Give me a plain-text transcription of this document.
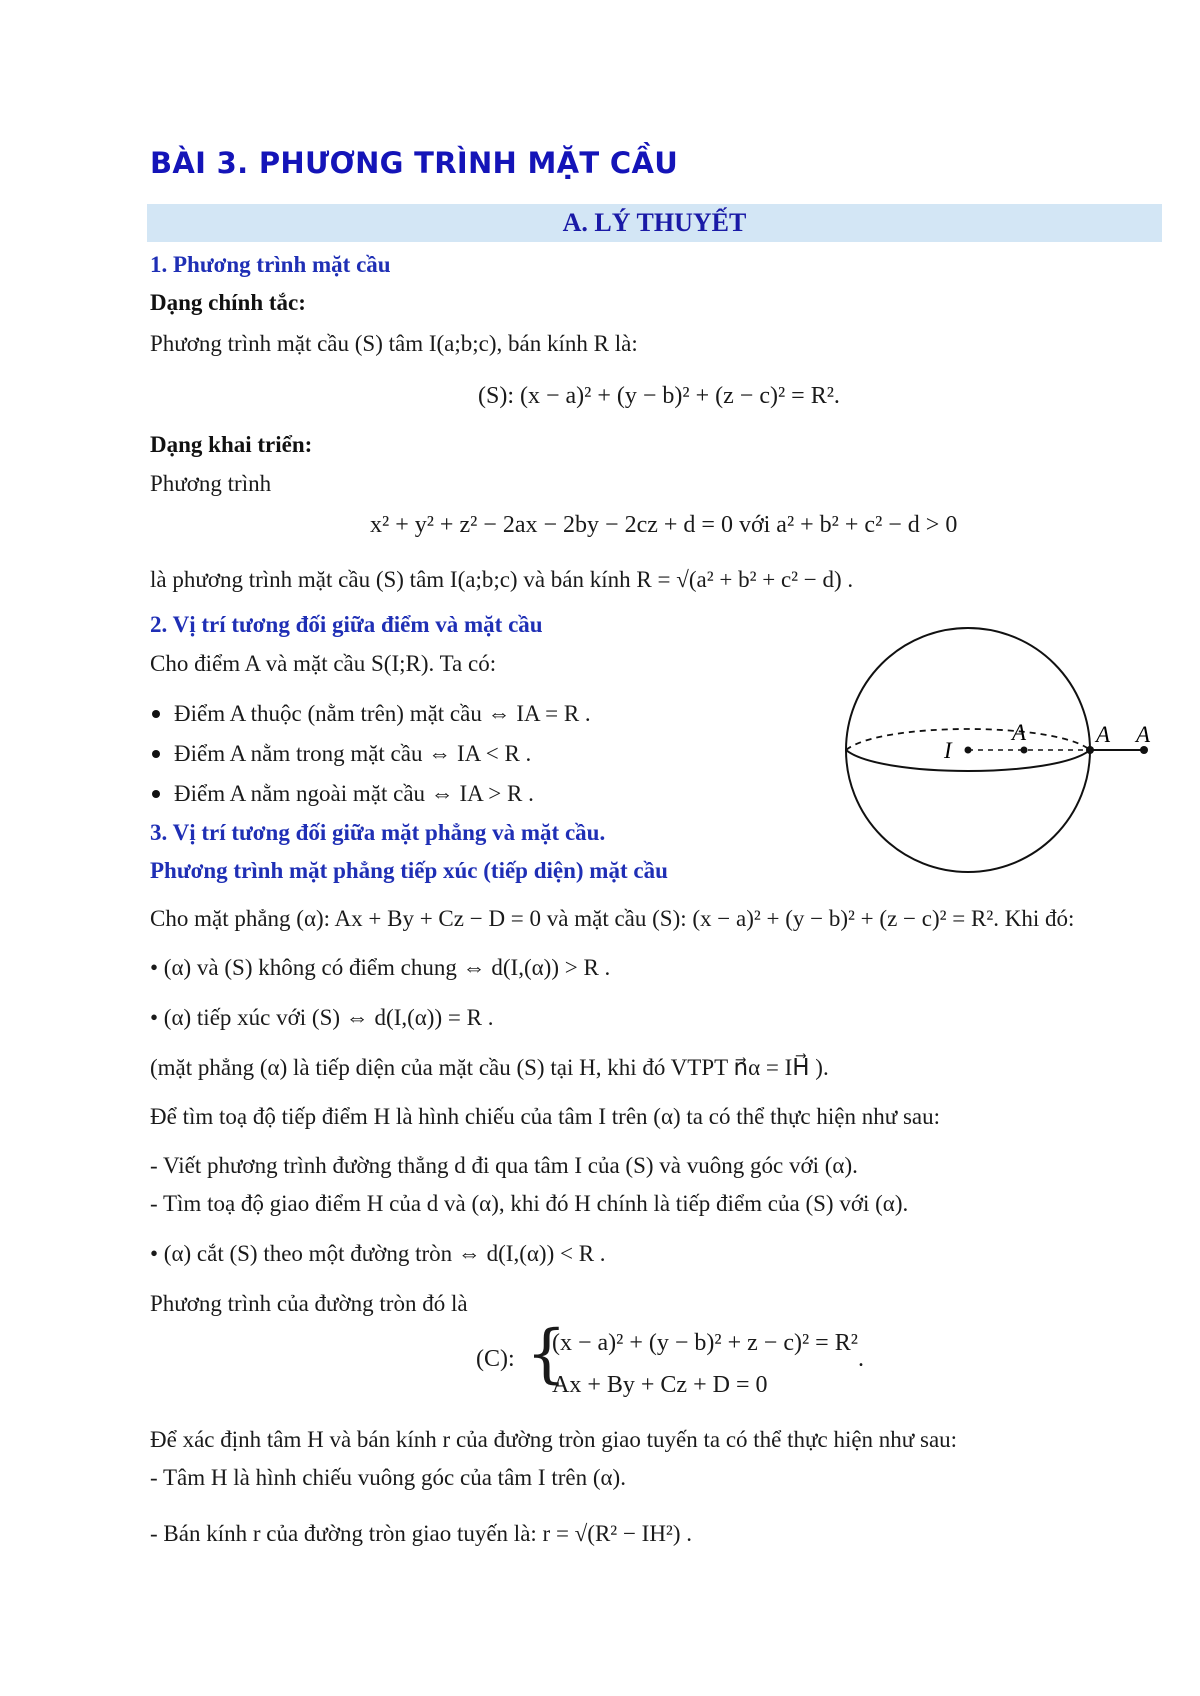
BÀI 3. PHƯƠNG TRÌNH MẶT CẦU
A. LÝ THUYẾT
1. Phương trình mặt cầu
Dạng chính tắc:
Phương trình mặt cầu (S) tâm I(a;b;c), bán kính R là:
(S): (x − a)² + (y − b)² + (z − c)² = R².
Dạng khai triển:
Phương trình
x² + y² + z² − 2ax − 2by − 2cz + d = 0 với a² + b² + c² − d > 0
là phương trình mặt cầu (S) tâm I(a;b;c) và bán kính R = √(a² + b² + c² − d) .
2. Vị trí tương đối giữa điểm và mặt cầu
Cho điểm A và mặt cầu S(I;R). Ta có:
Điểm A thuộc (nằm trên) mặt cầu ⇔ IA = R .
Điểm A nằm trong mặt cầu ⇔ IA < R .
Điểm A nằm ngoài mặt cầu ⇔ IA > R .
I
A	A A
3. Vị trí tương đối giữa mặt phẳng và mặt cầu.
Phương trình mặt phẳng tiếp xúc (tiếp diện) mặt cầu
Cho mặt phẳng (α): Ax + By + Cz − D = 0 và mặt cầu (S): (x − a)² + (y − b)² + (z − c)² = R². Khi đó:
• (α) và (S) không có điểm chung ⇔ d(I,(α)) > R .
• (α) tiếp xúc với (S) ⇔ d(I,(α)) = R .
(mặt phẳng (α) là tiếp diện của mặt cầu (S) tại H, khi đó VTPT n⃗α = IH⃗ ).
Để tìm toạ độ tiếp điểm H là hình chiếu của tâm I trên (α) ta có thể thực hiện như sau:
- Viết phương trình đường thẳng d đi qua tâm I của (S) và vuông góc với (α).
- Tìm toạ độ giao điểm H của d và (α), khi đó H chính là tiếp điểm của (S) với (α).
• (α) cắt (S) theo một đường tròn ⇔ d(I,(α)) < R .
Phương trình của đường tròn đó là
(C): {
(x − a)² + (y − b)² + z − c)² = R²
Ax + By + Cz + D = 0
.
Để xác định tâm H và bán kính r của đường tròn giao tuyến ta có thể thực hiện như sau:
- Tâm H là hình chiếu vuông góc của tâm I trên (α).
- Bán kính r của đường tròn giao tuyến là: r = √(R² − IH²) .
